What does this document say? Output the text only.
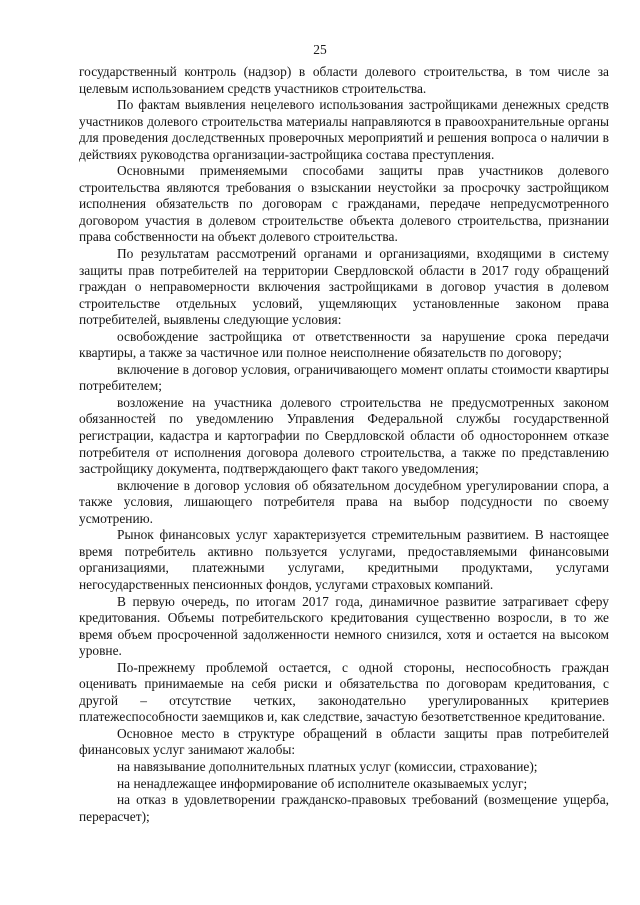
25

государственный контроль (надзор) в области долевого строительства, в том числе за целевым использованием средств участников строительства.

По фактам выявления нецелевого использования застройщиками денежных средств участников долевого строительства материалы направляются в правоохранительные органы для проведения доследственных проверочных мероприятий и решения вопроса о наличии в действиях руководства организации-застройщика состава преступления.

Основными применяемыми способами защиты прав участников долевого строительства являются требования о взыскании неустойки за просрочку застройщиком исполнения обязательств по договорам с гражданами, передаче непредусмотренного договором участия в долевом строительстве объекта долевого строительства, признании права собственности на объект долевого строительства.

По результатам рассмотрений органами и организациями, входящими в систему защиты прав потребителей на территории Свердловской области в 2017 году обращений граждан о неправомерности включения застройщиками в договор участия в долевом строительстве отдельных условий, ущемляющих установленные законом права потребителей, выявлены следующие условия:

освобождение застройщика от ответственности за нарушение срока передачи квартиры, а также за частичное или полное неисполнение обязательств по договору;

включение в договор условия, ограничивающего момент оплаты стоимости квартиры потребителем;

возложение на участника долевого строительства не предусмотренных законом обязанностей по уведомлению Управления Федеральной службы государственной регистрации, кадастра и картографии по Свердловской области об одностороннем отказе потребителя от исполнения договора долевого строительства, а также по представлению застройщику документа, подтверждающего факт такого уведомления;

включение в договор условия об обязательном досудебном урегулировании спора, а также условия, лишающего потребителя права на выбор подсудности по своему усмотрению.

Рынок финансовых услуг характеризуется стремительным развитием. В настоящее время потребитель активно пользуется услугами, предоставляемыми финансовыми организациями, платежными услугами, кредитными продуктами, услугами негосударственных пенсионных фондов, услугами страховых компаний.

В первую очередь, по итогам 2017 года, динамичное развитие затрагивает сферу кредитования. Объемы потребительского кредитования существенно возросли, в то же время объем просроченной задолженности немного снизился, хотя и остается на высоком уровне.

По-прежнему проблемой остается, с одной стороны, неспособность граждан оценивать принимаемые на себя риски и обязательства по договорам кредитования, с другой – отсутствие четких, законодательно урегулированных критериев платежеспособности заемщиков и, как следствие, зачастую безответственное кредитование.

Основное место в структуре обращений в области защиты прав потребителей финансовых услуг занимают жалобы:

на навязывание дополнительных платных услуг (комиссии, страхование);

на ненадлежащее информирование об исполнителе оказываемых услуг;

на отказ в удовлетворении гражданско-правовых требований (возмещение ущерба, перерасчет);
